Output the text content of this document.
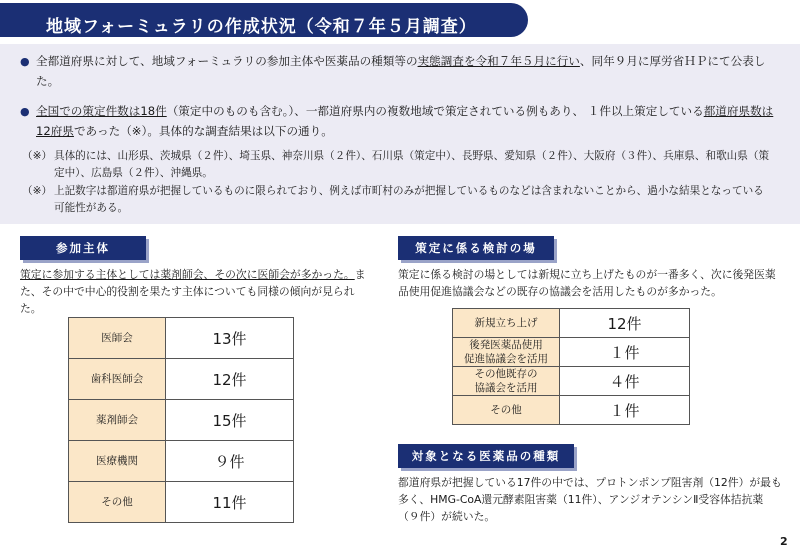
地域フォーミュラリの作成状況（令和７年５月調査）
● 全都道府県に対して、地域フォーミュラリの参加主体や医薬品の種類等の実態調査を令和７年５月に行い、同年９月に厚労省ＨＰにて公表した。
● 全国での策定件数は18件（策定中のものも含む。）、一都道府県内の複数地域で策定されている例もあり、 １件以上策定している都道府県数は12府県であった（※）。具体的な調査結果は以下の通り。
（※） 具体的には、山形県、茨城県（２件）、埼玉県、神奈川県（２件）、石川県（策定中）、長野県、愛知県（２件）、大阪府（３件）、兵庫県、和歌山県（策定中）、広島県（２件）、沖縄県。
（※） 上記数字は都道府県が把握しているものに限られており、例えば市町村のみが把握しているものなどは含まれないことから、過小な結果となっている可能性がある。
参加主体
策定に参加する主体としては薬剤師会、その次に医師会が多かった。また、その中で中心的役割を果たす主体についても同様の傾向が見られた。
医師会	13件
歯科医師会	12件
薬剤師会	15件
医療機関	９件
その他	11件
策定に係る検討の場
策定に係る検討の場としては新規に立ち上げたものが一番多く、次に後発医薬品使用促進協議会などの既存の協議会を活用したものが多かった。
新規立ち上げ	12件

後発医薬品使用
促進協議会を活用	１件

その他既存の
協議会を活用	４件

その他	１件
対象となる医薬品の種類
都道府県が把握している17件の中では、プロトンポンプ阻害剤（12件）が最も多く、HMG-CoA還元酵素阻害薬（11件）、アンジオテンシンⅡ受容体拮抗薬（９件）が続いた。
2
